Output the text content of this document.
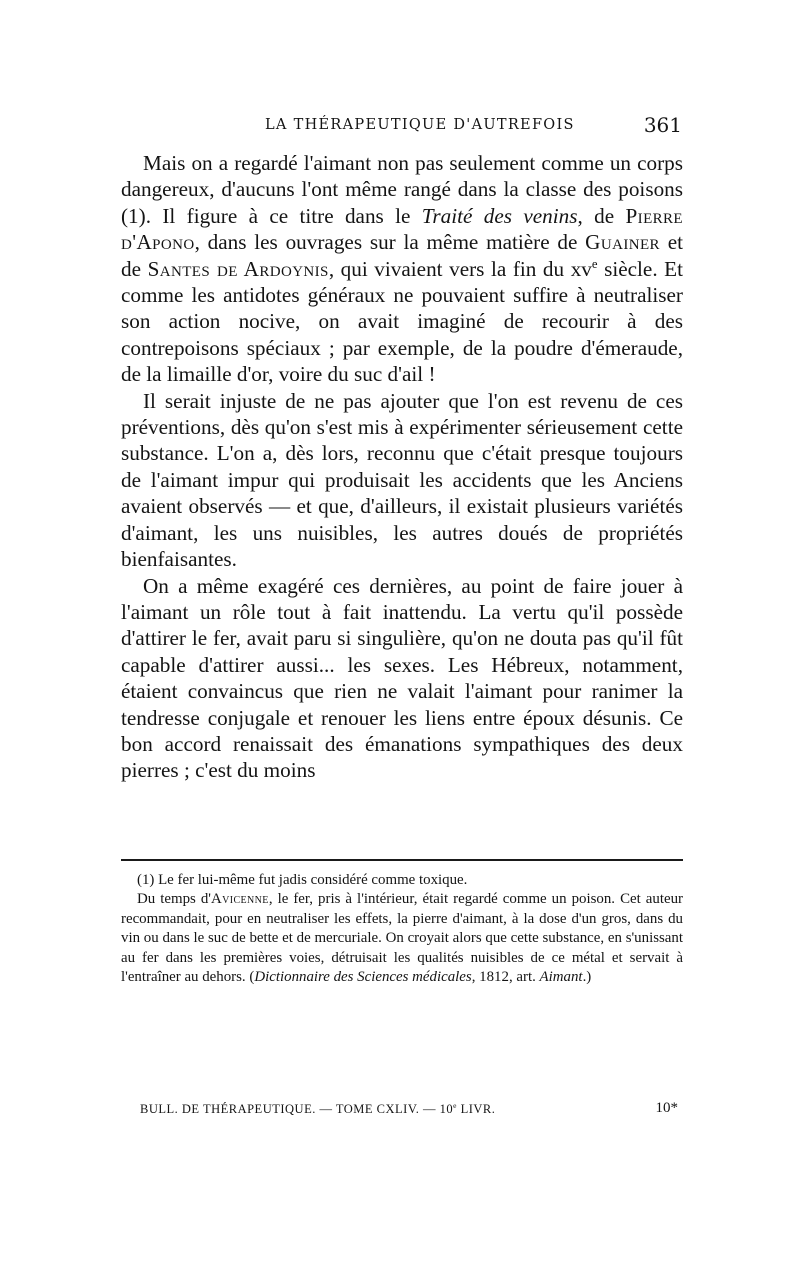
LA THÉRAPEUTIQUE D'AUTREFOIS	361

Mais on a regardé l'aimant non pas seulement comme un corps dangereux, d'aucuns l'ont même rangé dans la classe des poisons (1). Il figure à ce titre dans le Traité des venins, de Pierre d'Apono, dans les ouvrages sur la même matière de Guainer et de Santes de Ardoynis, qui vivaient vers la fin du $xv^e$ siècle. Et comme les antidotes généraux ne pouvaient suffire à neutraliser son action nocive, on avait imaginé de recourir à des contrepoisons spéciaux ; par exemple, de la poudre d'émeraude, de la limaille d'or, voire du suc d'ail !

Il serait injuste de ne pas ajouter que l'on est revenu de ces préventions, dès qu'on s'est mis à expérimenter sérieusement cette substance. L'on a, dès lors, reconnu que c'était presque toujours de l'aimant impur qui produisait les accidents que les Anciens avaient observés — et que, d'ailleurs, il existait plusieurs variétés d'aimant, les uns nuisibles, les autres doués de propriétés bienfaisantes.

On a même exagéré ces dernières, au point de faire jouer à l'aimant un rôle tout à fait inattendu. La vertu qu'il possède d'attirer le fer, avait paru si singulière, qu'on ne douta pas qu'il fût capable d'attirer aussi... les sexes. Les Hébreux, notamment, étaient convaincus que rien ne valait l'aimant pour ranimer la tendresse conjugale et renouer les liens entre époux désunis. Ce bon accord renaissait des émanations sympathiques des deux pierres ; c'est du moins

(1) Le fer lui-même fut jadis considéré comme toxique.

Du temps d'Avicenne, le fer, pris à l'intérieur, était regardé comme un poison. Cet auteur recommandait, pour en neutraliser les effets, la pierre d'aimant, à la dose d'un gros, dans du vin ou dans le suc de bette et de mercuriale. On croyait alors que cette substance, en s'unissant au fer dans les premières voies, détruisait les qualités nuisibles de ce métal et servait à l'entraîner au dehors. (Dictionnaire des Sciences médicales, 1812, art. Aimant.)

BULL. DE THÉRAPEUTIQUE. — TOME CXLIV. — 10e LIVR.	10*
